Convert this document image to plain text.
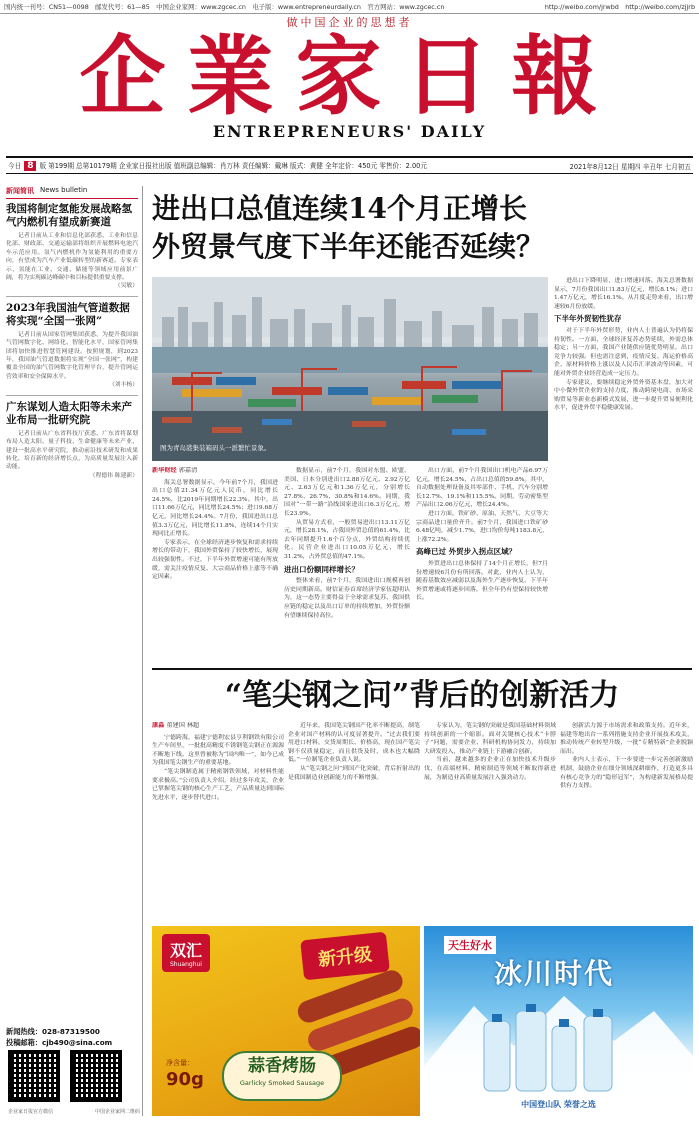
国内统一刊号：CN51—0098　邮发代号：61—85　中国企业家网：www.zgcec.cn　电子版：www.entrepreneurdaily.cn　官方网站：www.zgcec.cn	http://weibo.com/jrwbd　http://weibo.com/zjjrb
做中国企业的思想者
企業家日報
ENTREPRENEURS' DAILY
今日 8 版 第199期 总第10179期 企业家日报社出版 值班副总编辑：肖万林 责任编辑：戴琳 版式：黄健 全年定价：450元 零售价：2.00元	2021年8月12日 星期四 辛丑年 七月初五
新闻简讯 News bulletin
我国将制定氢能发展战略氢气内燃机有望成新赛道

记者日前从工业和信息化部获悉，工业和信息化部、财政部、交通运输部将组织开展燃料电池汽车示范应用。氢气内燃机作为氢能利用的重要方向，有望成为汽车产业低碳转型的新赛道。专家表示，氢能在工业、交通、储能等领域应用前景广阔，将为实现碳达峰碳中和目标提供重要支撑。

（吴敏）

2023年我国油气管道数据将实现“全国一张网”

记者日前从国家管网集团获悉，为提升我国油气管网数字化、网络化、智能化水平，国家管网集团将加快推进智慧管网建设。按照规划，到2023年，我国油气管道数据将实现“全国一张网”，构建覆盖全国的油气管网数字化管理平台，提升管网运营效率和安全保障水平。

（刘丰杨）

广东谋划人造太阳等未来产业布局一批研究院

记者日前从广东省科技厅获悉，广东省将谋划布局人造太阳、量子科技、生命健康等未来产业，建设一批高水平研究院，推动前沿技术研发和成果转化，培育新的经济增长点，为高质量发展注入新动能。

（程德伟 陈建新）

新闻热线：028-87319500
投稿邮箱：cjb490@sina.com
企业家日报官方微信	中国企业家网二维码
进出口总值连续14个月正增长
外贸景气度下半年还能否延续？
图为青岛港集装箱码头一派繁忙景象。
新华财经 郭嘉清

海关总署数据显示，今年前7个月，我国进出口总值21.34万亿元人民币，同比增长24.5%，比2019年同期增长22.3%。其中，出口11.66万亿元，同比增长24.5%；进口9.68万亿元，同比增长24.4%。7月份，我国进出口总值3.3万亿元，同比增长11.8%，连续14个月实现同比正增长。

专家表示，在全球经济逐步恢复和需求持续增长的带动下，我国外贸保持了较快增长，展现出较强韧性。不过，下半年外贸增速可能有所放缓，需关注疫情反复、大宗商品价格上涨等不确定因素。

数据显示，前7个月，我国对东盟、欧盟、美国、日本分别进出口2.88万亿元、2.92万亿元、2.63万亿元和1.36万亿元，分别增长27.8%、26.7%、30.8%和14.6%。同期，我国对“一带一路”沿线国家进出口6.3万亿元，增长23.9%。

从贸易方式看，一般贸易进出口13.11万亿元，增长28.1%，占我国外贸总值的61.4%，比去年同期提升1.6个百分点，外贸结构持续优化。民营企业进出口10.05万亿元，增长31.2%，占外贸总值的47.1%。

进出口份额同样增长？

整体来看，前7个月，我国进出口规模再创历史同期新高。财信证券首席经济学家伍超明认为，这一态势主要得益于全球需求复苏、我国供应链的稳定以及出口订单的持续增加，外贸份额有望继续保持高位。

出口方面，前7个月我国出口机电产品6.97万亿元，增长24.5%，占出口总值的59.8%。其中，自动数据处理设备及其零部件、手机、汽车分别增长12.7%、19.1%和115.5%。同期，劳动密集型产品出口2.06万亿元，增长24.4%。

进口方面，铁矿砂、原油、天然气、大豆等大宗商品进口量价齐升。前7个月，我国进口铁矿砂6.48亿吨，减少1.7%，进口均价每吨1183.8元，上涨72.2%。

高峰已过 外贸步入拐点区域？

外贸进出口总体保持了14个月正增长，但7月份增速较6月份有所回落。对此，业内人士认为，随着基数效应减弱以及海外生产逐步恢复，下半年外贸增速或将逐步回落，但全年仍有望保持较快增长。

进出口下降明显，进口增速回落。海关总署数据显示，7月份我国出口1.83万亿元，增长8.1%；进口1.47万亿元，增长16.1%。从月度走势来看，出口增速较6月份放缓。

下半年外贸韧性犹存

对于下半年外贸形势，业内人士普遍认为仍将保持韧性。一方面，全球经济复苏态势延续，外需总体稳定；另一方面，我国产业链供应链优势明显，出口竞争力较强。但也需注意到，疫情反复、海运价格高企、原材料价格上涨以及人民币汇率波动等因素，可能对外贸企业经营造成一定压力。

专家建议，要继续稳定外贸外资基本盘，加大对中小微外贸企业的支持力度，推动跨境电商、市场采购贸易等新业态新模式发展，进一步提升贸易便利化水平，促进外贸平稳健康发展。

“笔尖钢之问”背后的创新活力
康淼 董建国 林超

宁德跨海，福建宁德利宏县亨利钢铁有限公司生产车间里，一批批高精度不锈钢笔尖钢正在源源不断地下线。这里曾被称为“国内唯一”，如今已成为我国笔尖钢生产的重要基地。

“笔尖钢制造属于精密钢铁领域，对材料性能要求极高。”公司负责人介绍，经过多年攻关，企业已掌握笔尖钢的核心生产工艺，产品质量达到国际先进水平，逐步替代进口。

近年来，我国笔尖钢国产化率不断提高，制笔企业对国产材料的认可度显著提升。“过去我们要用进口材料，交货周期长、价格高，现在国产笔尖钢不仅质量稳定，而且供货及时，成本也大幅降低。”一位制笔企业负责人说。

从“笔尖钢之问”到国产化突破，背后折射出的是我国制造业创新能力的不断增强。

专家认为，笔尖钢的突破是我国基础材料领域持续创新的一个缩影。面对关键核心技术“卡脖子”问题，需要企业、科研机构协同发力，持续加大研发投入，推动产业链上下游融合创新。

当前，越来越多的企业正在加快技术升级步伐，在高端材料、精密制造等领域不断取得新进展，为制造业高质量发展注入强劲动力。

创新活力源于市场需求和政策支持。近年来，福建等地出台一系列措施支持企业开展技术攻关，推动传统产业转型升级，一批“专精特新”企业脱颖而出。

业内人士表示，下一步要进一步完善创新激励机制，鼓励企业在细分领域深耕细作，打造更多具有核心竞争力的“隐形冠军”，为构建新发展格局提供有力支撑。

双汇
Shuanghui	新升级
蒜香烤肠
Garlicky Smoked Sausage
净含量：
90g
天生好水
冰川时代
中国登山队 荣誉之选
